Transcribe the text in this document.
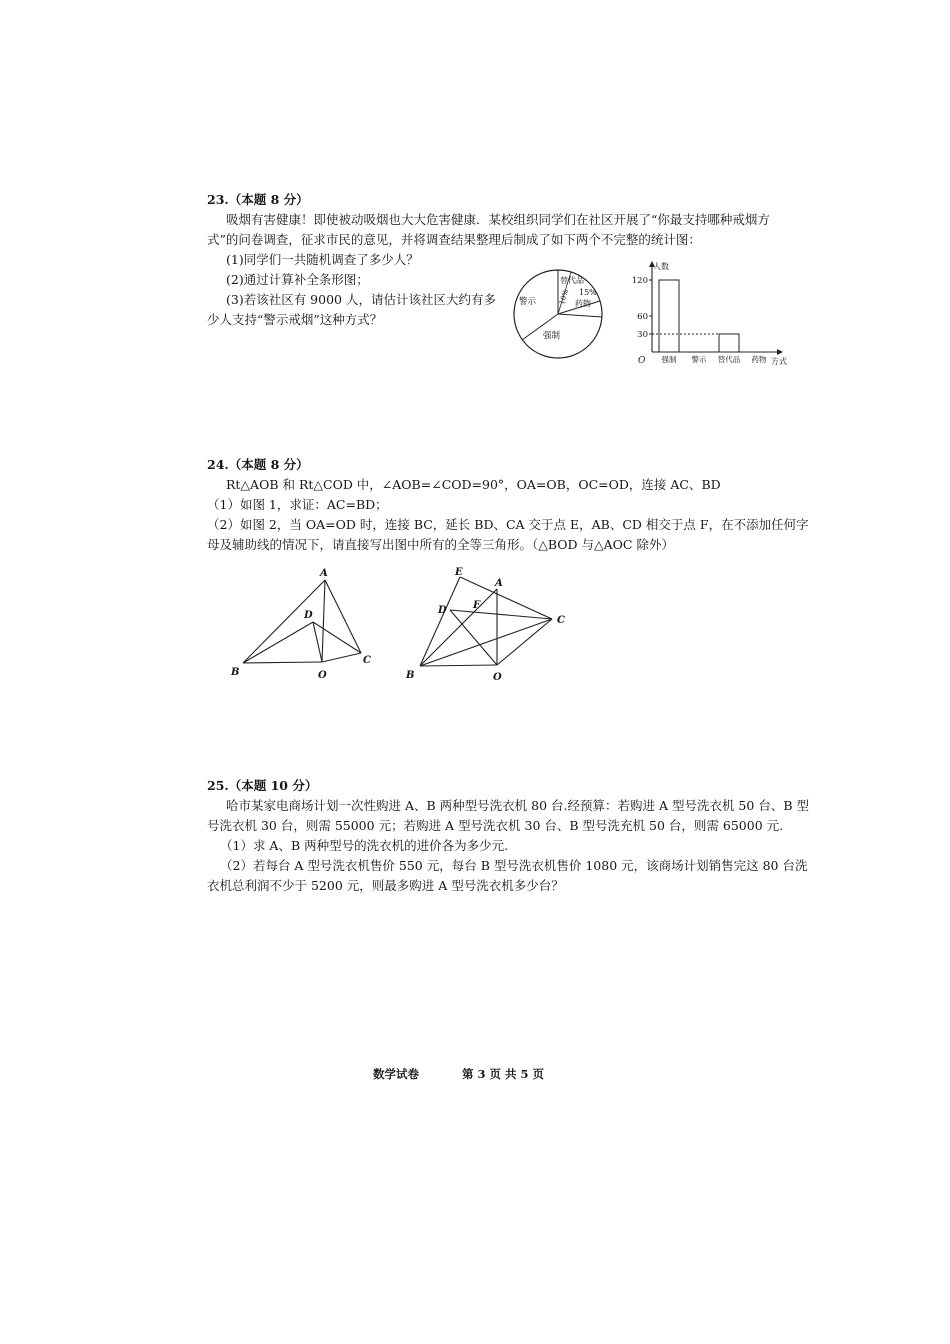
23.（本题 8 分）
吸烟有害健康！即使被动吸烟也大大危害健康．某校组织同学们在社区开展了“你最支持哪种戒烟方
式”的问卷调查，征求市民的意见，并将调查结果整理后制成了如下两个不完整的统计图：
(1)同学们一共随机调查了多少人？
(2)通过计算补全条形图；
(3)若该社区有 9000 人，请估计该社区大约有多
少人支持“警示戒烟”这种方式？
替代品
15%
药物
强制
警示	10%
人数
方式
O
120
60
30
强制 警示 替代品 药物
24.（本题 8 分）
Rt△AOB 和 Rt△COD 中，∠AOB=∠COD=90°，OA=OB，OC=OD，连接 AC、BD
（1）如图 1，求证：AC=BD；
（2）如图 2，当 OA=OD 时，连接 BC，延长 BD、CA 交于点 E，AB、CD 相交于点 F，在不添加任何字
母及辅助线的情况下，请直接写出图中所有的全等三角形。（△BOD 与△AOC 除外）
A
B
C
D
O
E
A
D	F
C
B	O
25.（本题 10 分）
哈市某家电商场计划一次性购进 A、B 两种型号洗衣机 80 台.经预算：若购进 A 型号洗衣机 50 台、B 型
号洗衣机 30 台，则需 55000 元；若购进 A 型号洗衣机 30 台、B 型号洗充机 50 台，则需 65000 元.
（1）求 A、B 两种型号的洗衣机的进价各为多少元.
（2）若每台 A 型号洗衣机售价 550 元，每台 B 型号洗衣机售价 1080 元，该商场计划销售完这 80 台洗
衣机总利润不少于 5200 元，则最多购进 A 型号洗衣机多少台？
数学试卷	第 3 页 共 5 页
